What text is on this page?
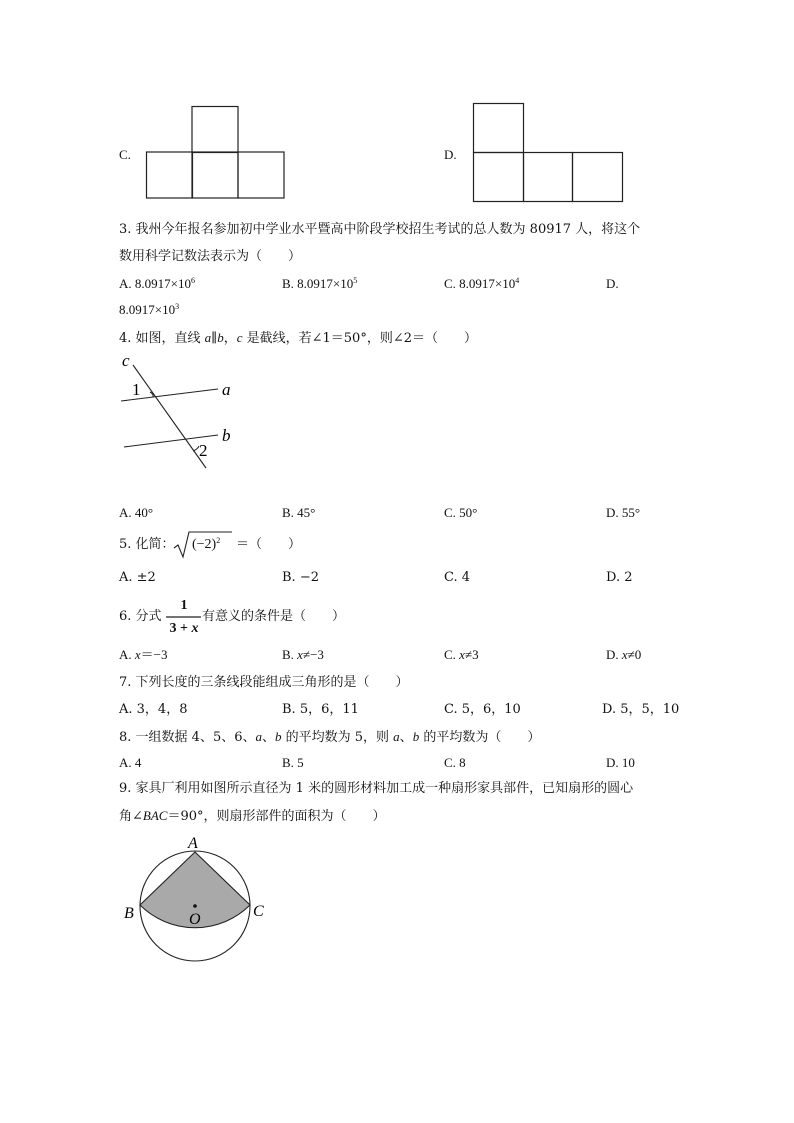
C.	D.
3. 我州今年报名参加初中学业水平暨高中阶段学校招生考试的总人数为 80917 人，将这个
数用科学记数法表示为（　　）
A. $8.0917\times 10^6$	B. $8.0917\times 10^5$	C. $8.0917\times 10^4$	D.
$8.0917\times 10^3$
4. 如图，直线 a∥b，c 是截线，若∠1＝50°，则∠2＝（　　）
c
1	a
b
2
A. 40°	B. 45°	C. 50°	D. 55°
5. 化简： $(-2)^2$ ＝（　　）
A. ±2	B. −2	C. 4	D. 2
6. 分式
1
3 + x
有意义的条件是（　　）
A. x＝−3	B. x≠−3	C. x≠3	D. x≠0
7. 下列长度的三条线段能组成三角形的是（　　）
A. 3，4，8	B. 5，6，11	C. 5，6，10	D. 5，5，10
8. 一组数据 4、5、6、a、b 的平均数为 5，则 a、b 的平均数为（　　）
A. 4	B. 5	C. 8	D. 10
9. 家具厂利用如图所示直径为 1 米的圆形材料加工成一种扇形家具部件，已知扇形的圆心
角∠BAC＝90°，则扇形部件的面积为（　　）
A
B	C
O
